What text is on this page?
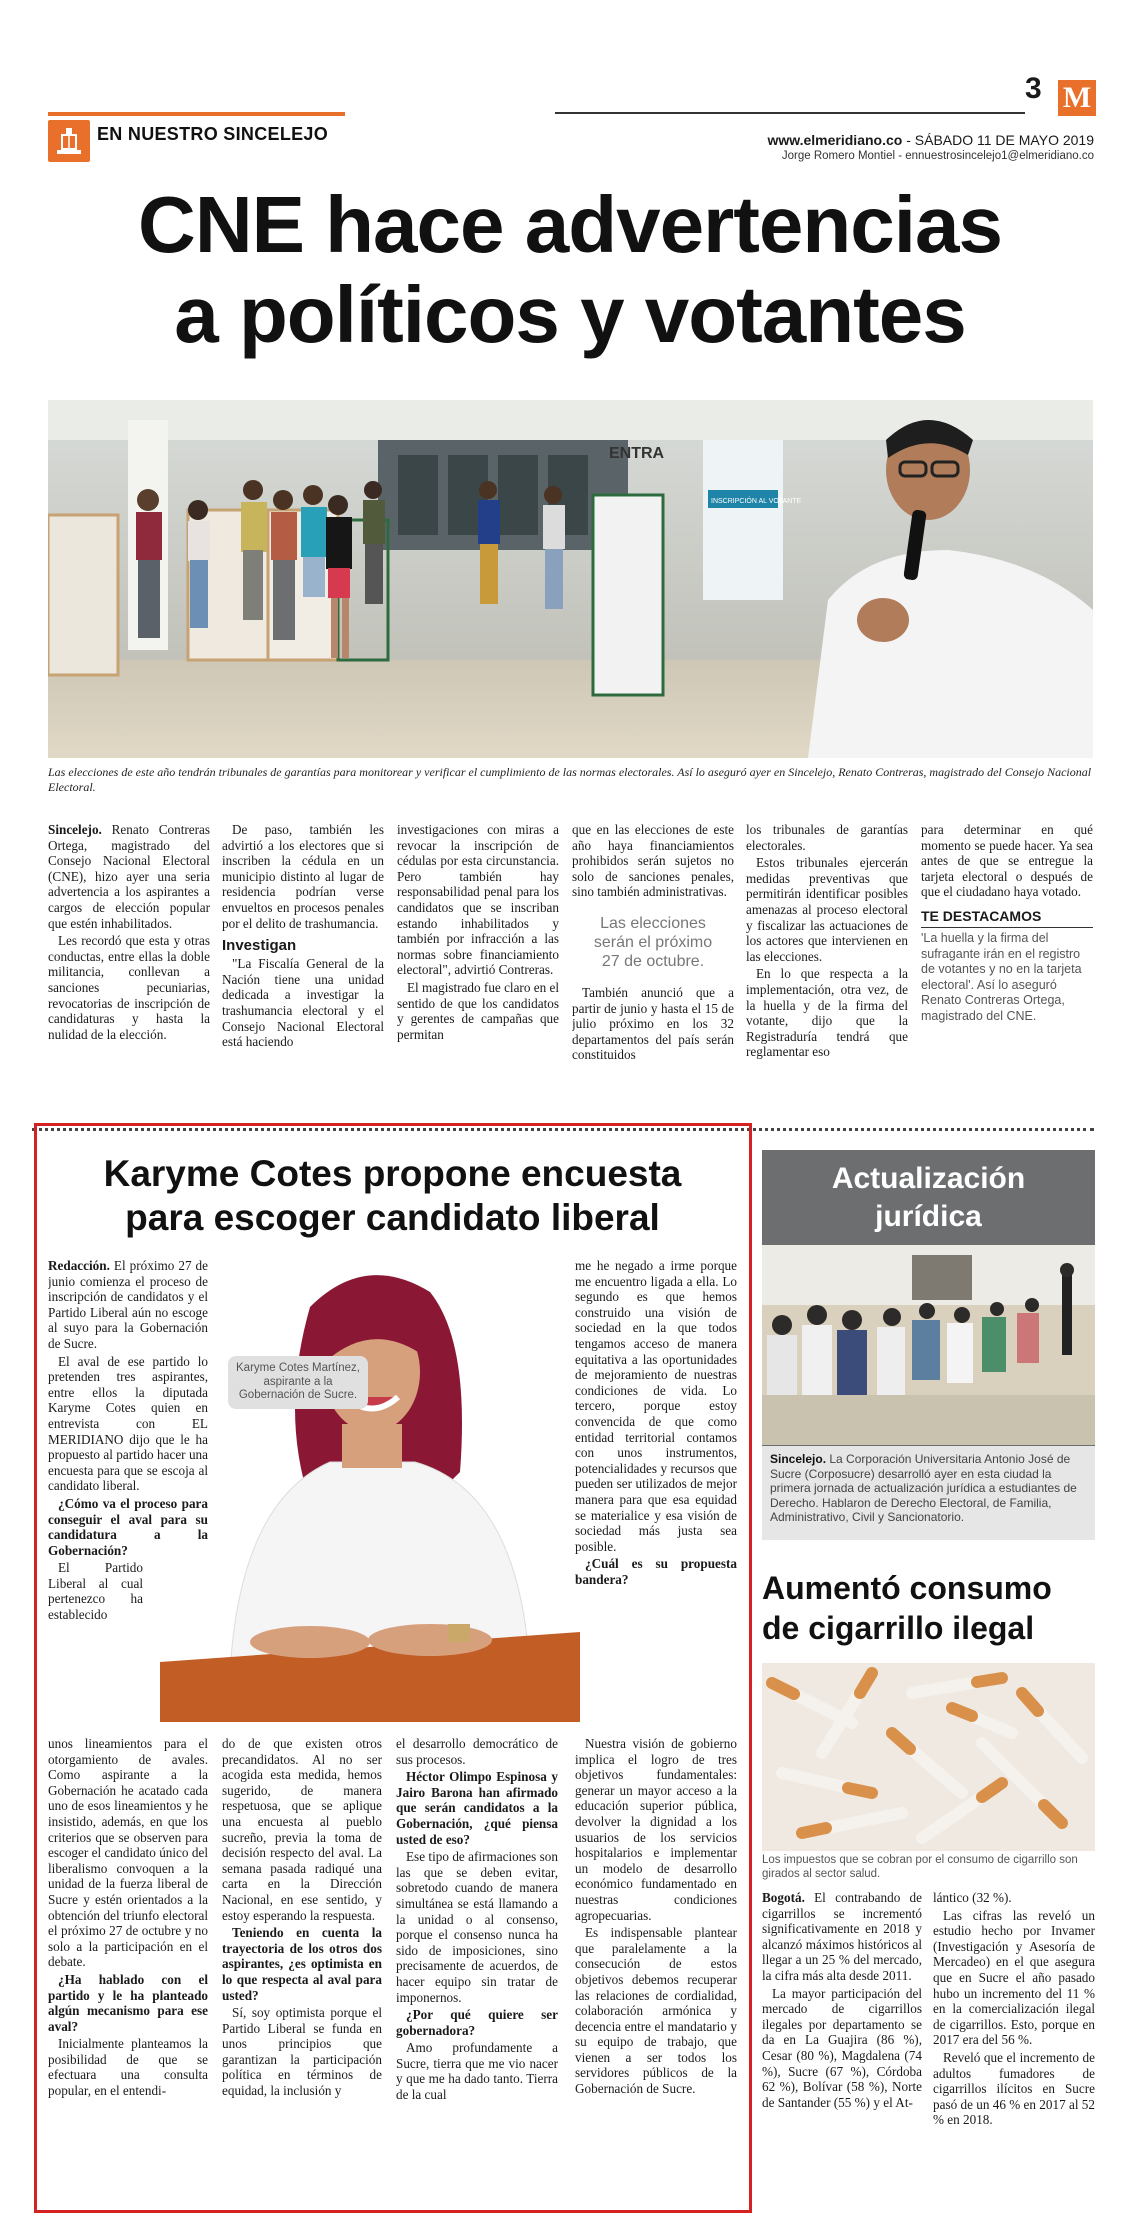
EN NUESTRO SINCELEJO
3 M
www.elmeridiano.co - SÁBADO 11 DE MAYO 2019
Jorge Romero Montiel - ennuestrosincelejo1@elmeridiano.co
CNE hace advertencias
a políticos y votantes
ENTRA
INSCRIPCIÓN AL VOTANTE
Las elecciones de este año tendrán tribunales de garantías para monitorear y verificar el cumplimiento de las normas electorales. Así lo aseguró ayer en Sincelejo, Renato Contreras, magistrado del Consejo Nacional Electoral.

Sincelejo. Renato Contreras Ortega, magistrado del Consejo Nacional Electoral (CNE), hizo ayer una seria advertencia a los aspirantes a cargos de elección popular que estén inhabilitados.

Les recordó que esta y otras conductas, entre ellas la doble militancia, conllevan a sanciones pecuniarias, revocatorias de inscripción de candidaturas y hasta la nulidad de la elección.

De paso, también les advirtió a los electores que si inscriben la cédula en un municipio distinto al lugar de residencia podrían verse envueltos en procesos penales por el delito de trashumancia.

Investigan

"La Fiscalía General de la Nación tiene una unidad dedicada a investigar la trashumancia electoral y el Consejo Nacional Electoral está haciendo

investigaciones con miras a revocar la inscripción de cédulas por esta circunstancia. Pero también hay responsabilidad penal para los candidatos que se inscriban estando inhabilitados y también por infracción a las normas sobre financiamiento electoral", advirtió Contreras.

El magistrado fue claro en el sentido de que los candidatos y gerentes de campañas que permitan

que en las elecciones de este año haya financiamientos prohibidos serán sujetos no solo de sanciones penales, sino también administrativas.

Las elecciones serán el próximo 27 de octubre.

También anunció que a partir de junio y hasta el 15 de julio próximo en los 32 departamentos del país serán constituidos

los tribunales de garantías electorales.

Estos tribunales ejercerán medidas preventivas que permitirán identificar posibles amenazas al proceso electoral y fiscalizar las actuaciones de los actores que intervienen en las elecciones.

En lo que respecta a la implementación, otra vez, de la huella y de la firma del votante, dijo que la Registraduría tendrá que reglamentar eso

para determinar en qué momento se puede hacer. Ya sea antes de que se entregue la tarjeta electoral o después de que el ciudadano haya votado.

TE DESTACAMOS
'La huella y la firma del sufragante irán en el registro de votantes y no en la tarjeta electoral'. Así lo aseguró Renato Contreras Ortega, magistrado del CNE.
Karyme Cotes propone encuesta
para escoger candidato liberal
Karyme Cotes Martínez, aspirante a la Gobernación de Sucre.

Redacción. El próximo 27 de junio comienza el proceso de inscripción de candidatos y el Partido Liberal aún no escoge al suyo para la Gobernación de Sucre.

El aval de ese partido lo pretenden tres aspirantes, entre ellos la diputada Karyme Cotes quien en entrevista con EL MERIDIANO dijo que le ha propuesto al partido hacer una encuesta para que se escoja al candidato liberal.

¿Cómo va el proceso para conseguir el aval para su candidatura a la Gobernación?

El Partido Liberal al cual pertenezco ha establecido

unos lineamientos para el otorgamiento de avales. Como aspirante a la Gobernación he acatado cada uno de esos lineamientos y he insistido, además, en que los criterios que se observen para escoger el candidato único del liberalismo convoquen a la unidad de la fuerza liberal de Sucre y estén orientados a la obtención del triunfo electoral el próximo 27 de octubre y no solo a la participación en el debate.

¿Ha hablado con el partido y le ha planteado algún mecanismo para ese aval?

Inicialmente planteamos la posibilidad de que se efectuara una consulta popular, en el entendi-

do de que existen otros precandidatos. Al no ser acogida esta medida, hemos sugerido, de manera respetuosa, que se aplique una encuesta al pueblo sucreño, previa la toma de decisión respecto del aval. La semana pasada radiqué una carta en la Dirección Nacional, en ese sentido, y estoy esperando la respuesta.

Teniendo en cuenta la trayectoria de los otros dos aspirantes, ¿es optimista en lo que respecta al aval para usted?

Sí, soy optimista porque el Partido Liberal se funda en unos principios que garantizan la participación política en términos de equidad, la inclusión y

el desarrollo democrático de sus procesos.

Héctor Olimpo Espinosa y Jairo Barona han afirmado que serán candidatos a la Gobernación, ¿qué piensa usted de eso?

Ese tipo de afirmaciones son las que se deben evitar, sobretodo cuando de manera simultánea se está llamando a la unidad o al consenso, porque el consenso nunca ha sido de imposiciones, sino precisamente de acuerdos, de hacer equipo sin tratar de imponernos.

¿Por qué quiere ser gobernadora?

Amo profundamente a Sucre, tierra que me vio nacer y que me ha dado tanto. Tierra de la cual

me he negado a irme porque me encuentro ligada a ella. Lo segundo es que hemos construido una visión de sociedad en la que todos tengamos acceso de manera equitativa a las oportunidades de mejoramiento de nuestras condiciones de vida. Lo tercero, porque estoy convencida de que como entidad territorial contamos con unos instrumentos, potencialidades y recursos que pueden ser utilizados de mejor manera para que esa equidad se materialice y esa visión de sociedad más justa sea posible.

¿Cuál es su propuesta bandera?

Nuestra visión de gobierno implica el logro de tres objetivos fundamentales: generar un mayor acceso a la educación superior pública, devolver la dignidad a los usuarios de los servicios hospitalarios e implementar un modelo de desarrollo económico fundamentado en nuestras condiciones agropecuarias.

Es indispensable plantear que paralelamente a la consecución de estos objetivos debemos recuperar las relaciones de cordialidad, colaboración armónica y decencia entre el mandatario y su equipo de trabajo, que vienen a ser todos los servidores públicos de la Gobernación de Sucre.

Actualización
jurídica
Sincelejo. La Corporación Universitaria Antonio José de Sucre (Corposucre) desarrolló ayer en esta ciudad la primera jornada de actualización jurídica a estudiantes de Derecho. Hablaron de Derecho Electoral, de Familia, Administrativo, Civil y Sancionatorio.
Aumentó consumo
de cigarrillo ilegal
Los impuestos que se cobran por el consumo de cigarrillo son girados al sector salud.

Bogotá. El contrabando de cigarrillos se incrementó significativamente en 2018 y alcanzó máximos históricos al llegar a un 25 % del mercado, la cifra más alta desde 2011.

La mayor participación del mercado de cigarrillos ilegales por departamento se da en La Guajira (86 %), Cesar (80 %), Magdalena (74 %), Sucre (67 %), Córdoba 62 %), Bolívar (58 %), Norte de Santander (55 %) y el At-

lántico (32 %).

Las cifras las reveló un estudio hecho por Invamer (Investigación y Asesoría de Mercadeo) en el que asegura que en Sucre el año pasado hubo un incremento del 11 % en la comercialización ilegal de cigarrillos. Esto, porque en 2017 era del 56 %.

Reveló que el incremento de adultos fumadores de cigarrillos ilícitos en Sucre pasó de un 46 % en 2017 al 52 % en 2018.
